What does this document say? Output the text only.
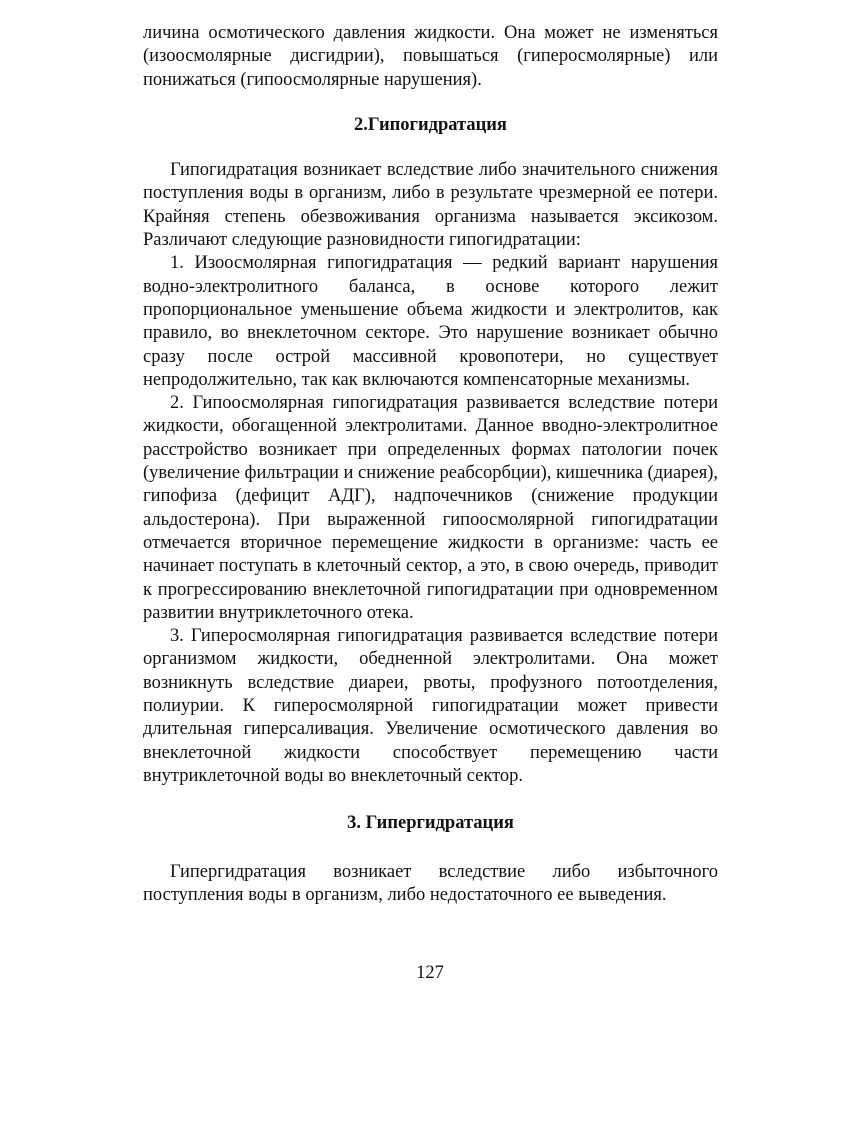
личина осмотического давления жидкости. Она может не изменяться (изоосмолярные дисгидрии), повышаться (гиперосмолярные) или понижаться (гипоосмолярные нарушения).

2.Гипогидратация

Гипогидратация возникает вследствие либо значительного снижения поступления воды в организм, либо в результате чрезмерной ее потери. Крайняя степень обезвоживания организма называется эксикозом. Различают следующие разновидности гипогидратации:

1. Изоосмолярная гипогидратация — редкий вариант нарушения водно-электролитного баланса, в основе которого лежит пропорциональное уменьшение объема жидкости и электролитов, как правило, во внеклеточном секторе. Это нарушение возникает обычно сразу после острой массивной кровопотери, но существует непродолжительно, так как включаются компенсаторные механизмы.

2. Гипоосмолярная гипогидратация развивается вследствие потери жидкости, обогащенной электролитами. Данное вводно-электролитное расстройство возникает при определенных формах патологии почек (увеличение фильтрации и снижение реабсорбции), кишечника (диарея), гипофиза (дефицит АДГ), надпочечников (снижение продукции альдостерона). При выраженной гипоосмолярной гипогидратации отмечается вторичное перемещение жидкости в организме: часть ее начинает поступать в клеточный сектор, а это, в свою очередь, приводит к прогрессированию внеклеточной гипогидратации при одновременном развитии внутриклеточного отека.

3. Гиперосмолярная гипогидратация развивается вследствие потери организмом жидкости, обедненной электролитами. Она может возникнуть вследствие диареи, рвоты, профузного потоотделения, полиурии. К гиперосмолярной гипогидратации может привести длительная гиперсаливация. Увеличение осмотического давления во внеклеточной жидкости способствует перемещению части внутриклеточной воды во внеклеточный сектор.

3. Гипергидратация

Гипергидратация возникает вследствие либо избыточного поступления воды в организм, либо недостаточного ее выведения.

127
